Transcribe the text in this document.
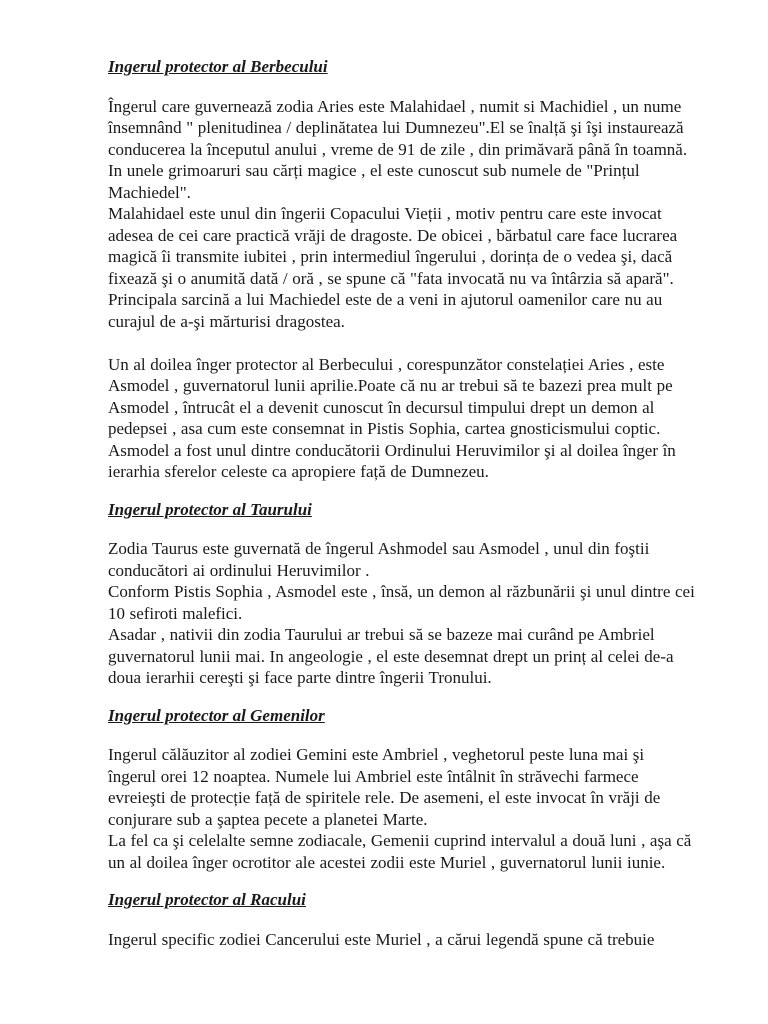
Ingerul protector al Berbecului

Îngerul care guvernează zodia Aries este Malahidael , numit si Machidiel , un nume însemnând " plenitudinea / deplinătatea lui Dumnezeu".El se înalță şi îşi instaurează conducerea la începutul anului , vreme de 91 de zile , din primăvară până în toamnă.

In unele grimoaruri sau cărți magice , el este cunoscut sub numele de "Prințul Machiedel".

Malahidael este unul din îngerii Copacului Vieții , motiv pentru care este invocat adesea de cei care practică vrăji de dragoste. De obicei , bărbatul care face lucrarea magică îi transmite iubitei , prin intermediul îngerului , dorința de o vedea şi, dacă fixează şi o anumită dată / oră , se spune că "fata invocată nu va întârzia să apară".

Principala sarcină a lui Machiedel este de a veni in ajutorul oamenilor care nu au curajul de a-şi mărturisi dragostea.

Un al doilea înger protector al Berbecului , corespunzător constelației Aries , este Asmodel , guvernatorul lunii aprilie.Poate că nu ar trebui să te bazezi prea mult pe Asmodel , întrucât el a devenit cunoscut în decursul timpului drept un demon al pedepsei , asa cum este consemnat in Pistis Sophia, cartea gnosticismului coptic.

Asmodel a fost unul dintre conducătorii Ordinului Heruvimilor şi al doilea înger în ierarhia sferelor celeste ca apropiere față de Dumnezeu.

Ingerul protector al Taurului

Zodia Taurus este guvernată de îngerul Ashmodel sau Asmodel , unul din foştii conducători ai ordinului Heruvimilor .

Conform Pistis Sophia , Asmodel este , însă, un demon al răzbunării şi unul dintre cei 10 sefiroti malefici.

Asadar , nativii din zodia Taurului ar trebui să se bazeze mai curând pe Ambriel guvernatorul lunii mai. In angeologie , el este desemnat drept un prinț al celei de-a doua ierarhii cereşti şi face parte dintre îngerii Tronului.

Ingerul protector al Gemenilor

Ingerul călăuzitor al zodiei Gemini este Ambriel , veghetorul peste luna mai şi îngerul orei 12 noaptea. Numele lui Ambriel este întâlnit în străvechi farmece evreieşti de protecție față de spiritele rele. De asemeni, el este invocat în vrăji de conjurare sub a şaptea pecete a planetei Marte.

La fel ca şi celelalte semne zodiacale, Gemenii cuprind intervalul a două luni , aşa că un al doilea înger ocrotitor ale acestei zodii este Muriel , guvernatorul lunii iunie.

Ingerul protector al Racului

Ingerul specific zodiei Cancerului este Muriel , a cărui legendă spune că trebuie
